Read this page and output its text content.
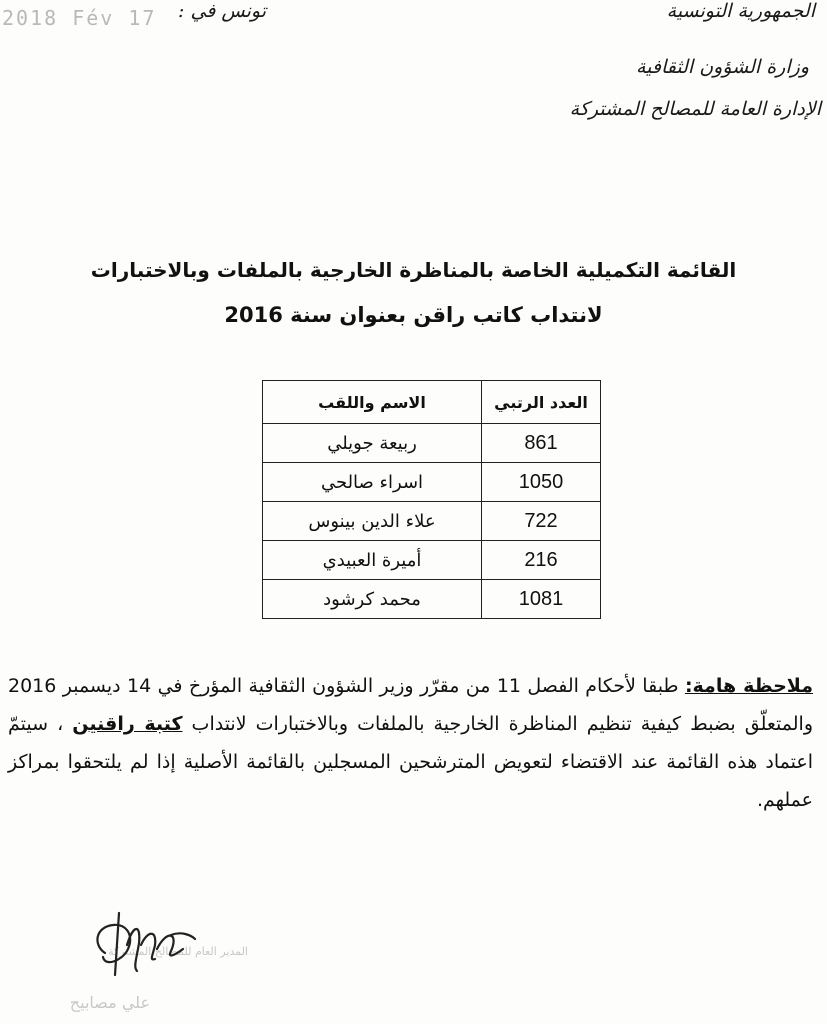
الجمهورية التونسية
وزارة الشؤون الثقافية
الإدارة العامة للمصالح المشتركة
تونس في :
2018 Fév 17
القائمة التكميلية الخاصة بالمناظرة الخارجية بالملفات وبالاختبارات
لانتداب كاتب راقن بعنوان سنة 2016
العدد الرتبي	الاسم واللقب
861	ربيعة جويلي
1050	اسراء صالحي
722	علاء الدين بينوس
216	أميرة العبيدي
1081	محمد كرشود
ملاحظة هامة: طبقا لأحكام الفصل 11 من مقرّر وزير الشؤون الثقافية المؤرخ في 14 ديسمبر 2016 والمتعلّق بضبط كيفية تنظيم المناظرة الخارجية بالملفات وبالاختبارات لانتداب كتبة راقنين ، سيتمّ اعتماد هذه القائمة عند الاقتضاء لتعويض المترشحين المسجلين بالقائمة الأصلية إذا لم يلتحقوا بمراكز عملهم.
المدير العام للمصالح المشتركة
علي مصابيح
